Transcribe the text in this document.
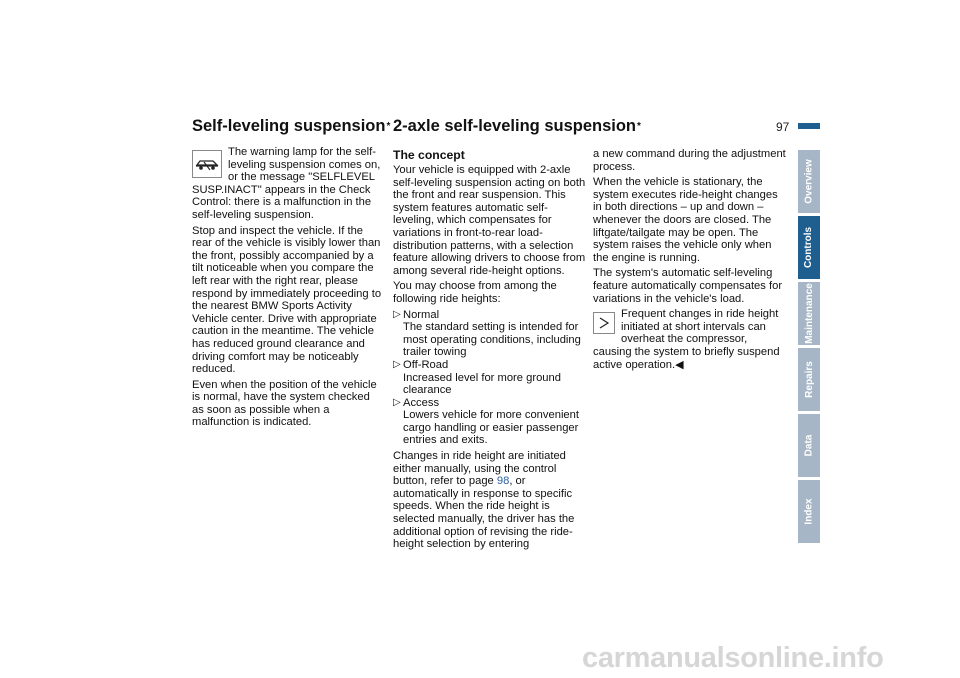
97
Self-leveling suspension* 2-axle self-leveling suspension*

The warning lamp for the self-leveling suspension comes on, or the message "SELFLEVEL SUSP.INACT" appears in the Check Control: there is a malfunction in the self-leveling suspension.

Stop and inspect the vehicle. If the rear of the vehicle is visibly lower than the front, possibly accompanied by a tilt noticeable when you compare the left rear with the right rear, please respond by immediately proceeding to the nearest BMW Sports Activity Vehicle center. Drive with appropriate caution in the meantime. The vehicle has reduced ground clearance and driving comfort may be noticeably reduced.

Even when the position of the vehicle is normal, have the system checked as soon as possible when a malfunction is indicated.

The concept

Your vehicle is equipped with 2-axle self-leveling suspension acting on both the front and rear suspension. This system features automatic self-leveling, which compensates for variations in front-to-rear load-distribution patterns, with a selection feature allowing drivers to choose from among several ride-height options.

You may choose from among the following ride heights:

▷ Normal
The standard setting is intended for most operating conditions, including trailer towing
▷ Off-Road
Increased level for more ground clearance
▷ Access
Lowers vehicle for more convenient cargo handling or easier passenger entries and exits.

Changes in ride height are initiated either manually, using the control button, refer to page 98, or automatically in response to specific speeds. When the ride height is selected manually, the driver has the additional option of revising the ride-height selection by entering

a new command during the adjustment process.

When the vehicle is stationary, the system executes ride-height changes in both directions – up and down – whenever the doors are closed. The liftgate/tailgate may be open. The system raises the vehicle only when the engine is running.

The system's automatic self-leveling feature automatically compensates for variations in the vehicle's load.

Frequent changes in ride height initiated at short intervals can overheat the compressor, causing the system to briefly suspend active operation.◀

Overview
Controls
Maintenance
Repairs
Data
Index
carmanualsonline.info
